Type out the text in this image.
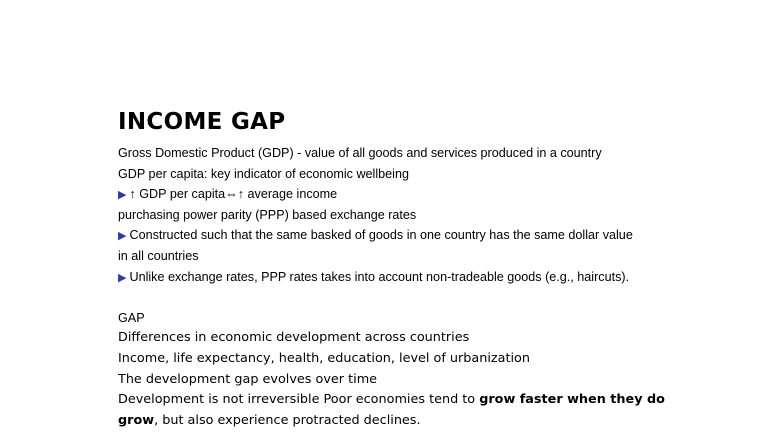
INCOME GAP
Gross Domestic Product (GDP) - value of all goods and services produced in a country
GDP per capita: key indicator of economic wellbeing
▶ ↑ GDP per capita⇔↑ average income
purchasing power parity (PPP) based exchange rates
▶ Constructed such that the same basked of goods in one country has the same dollar value
in all countries
▶ Unlike exchange rates, PPP rates takes into account non-tradeable goods (e.g., haircuts).
GAP
Differences in economic development across countries
Income, life expectancy, health, education, level of urbanization
The development gap evolves over time
Development is not irreversible Poor economies tend to grow faster when they do
grow, but also experience protracted declines.
